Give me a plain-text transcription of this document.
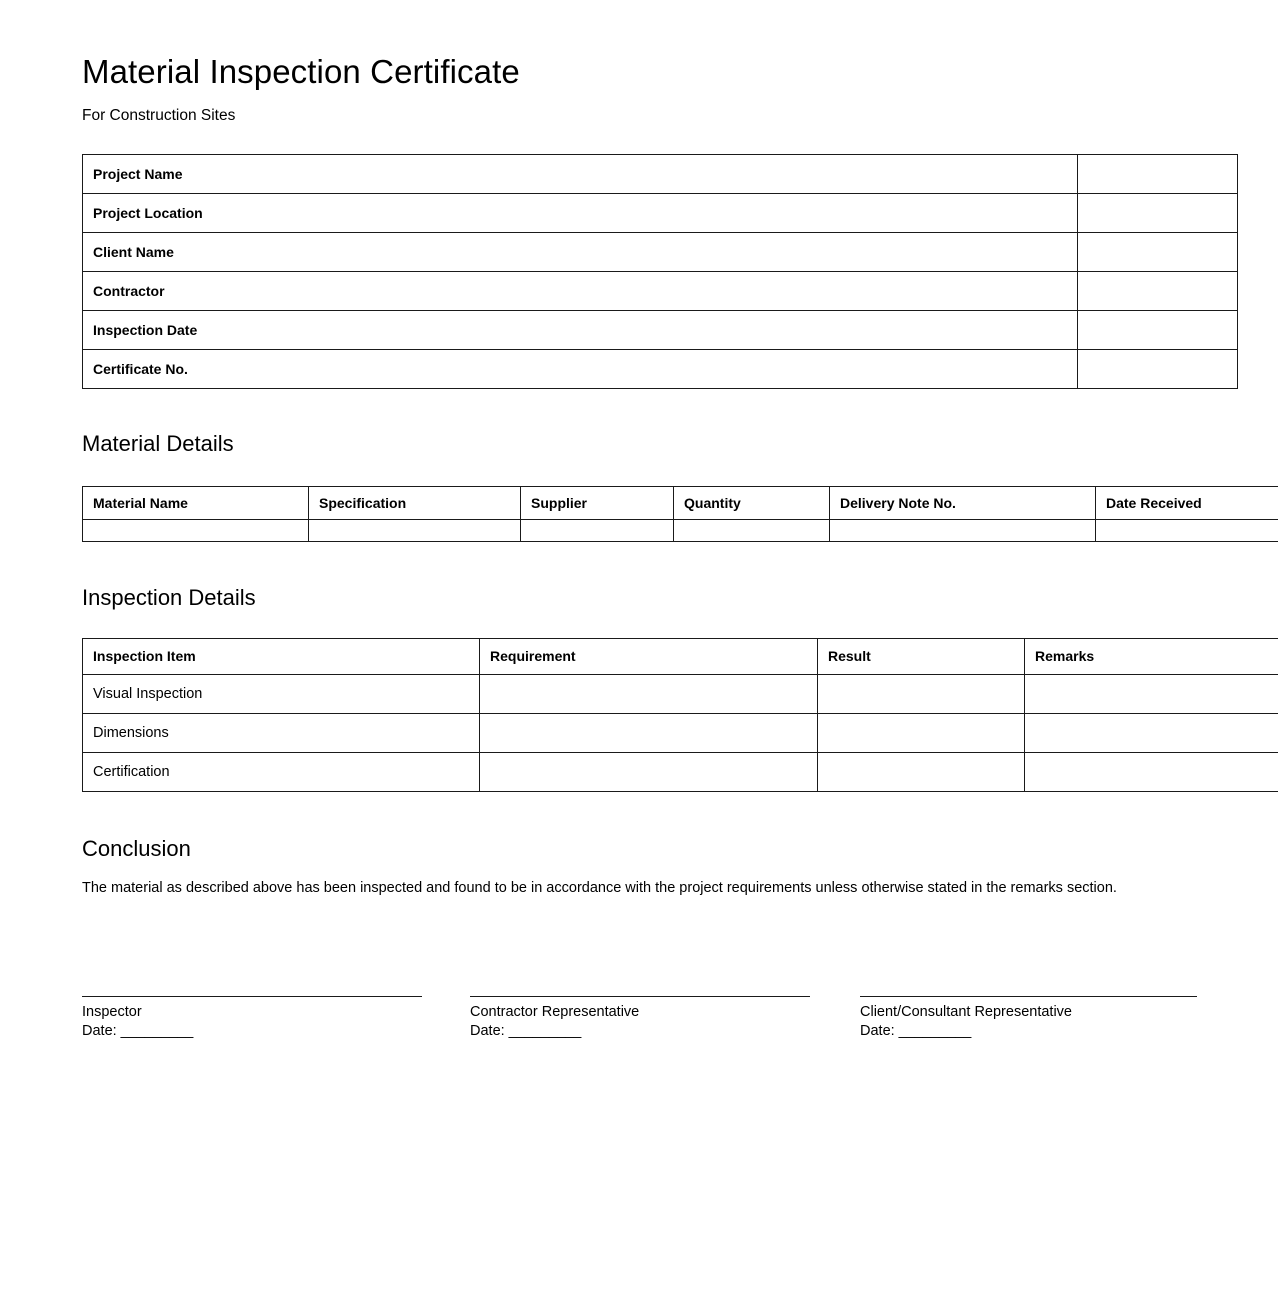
Material Inspection Certificate

For Construction Sites

Project Name	
Project Location	
Client Name	
Contractor	
Inspection Date	
Certificate No.	
Material Details
Material Name	Specification	Supplier	Quantity	Delivery Note No.	Date Received

Inspection Details
Inspection Item	Requirement	Result	Remarks
Visual Inspection			
Dimensions			
Certification			
Conclusion

The material as described above has been inspected and found to be in accordance with the project requirements unless otherwise stated in the remarks section.

Inspector
Date: _________
Contractor Representative
Date: _________
Client/Consultant Representative
Date: _________
